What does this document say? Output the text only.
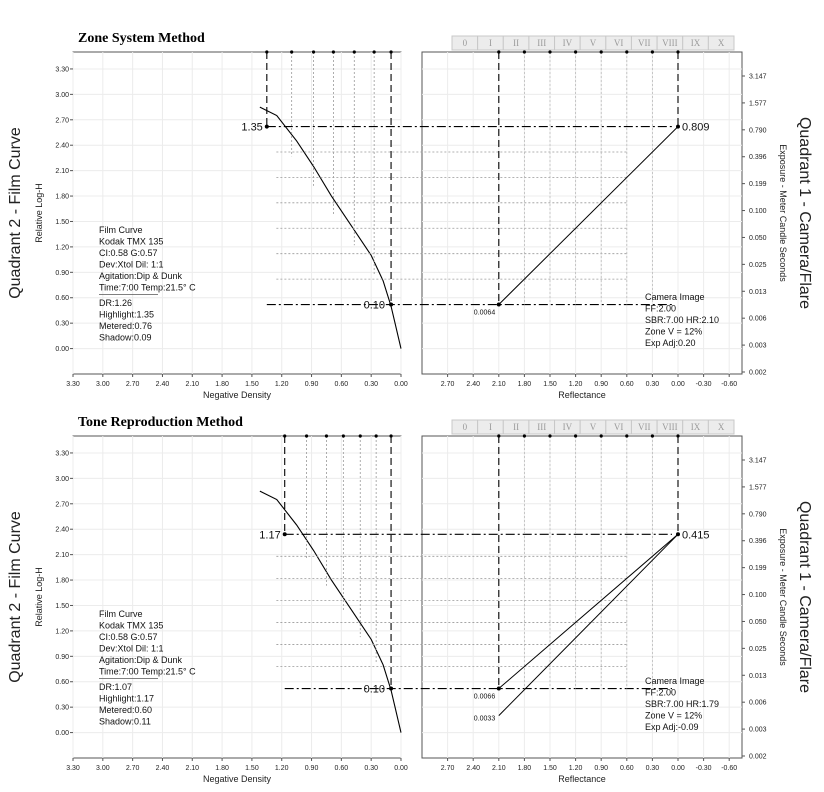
Zone System Method
3.30 3.00 2.70 2.40 2.10 1.80 1.50 1.20 0.90 0.60 0.30 0.00
3.30
3.00
2.70
2.40
2.10
1.80
1.50
1.20
0.90
0.60
0.30
0.00
Negative Density
Relative Log-H
Quadrant 2 - Film Curve
2.70 2.40 2.10 1.80 1.50 1.20 0.90 0.60 0.30 0.00 -0.30 -0.60
Reflectance
3.147
1.577
0.790
0.396
0.199
0.100
0.050
0.025
0.013
0.006
0.003
0.002
Exposure - Meter Candle Seconds Quadrant 1 - Camera/Flare
0 I II III IV V VI VII VIII IX X
1.35
0.10
0.809
0.0064
Film Curve
Kodak TMX 135
CI:0.58 G:0.57
Dev:Xtol Dil: 1:1
Agitation:Dip & Dunk
Time:7:00 Temp:21.5° C
DR:1.26
Highlight:1.35
Metered:0.76
Shadow:0.09
Camera Image
FF:2.00
SBR:7.00 HR:2.10
Zone V = 12%
Exp Adj:0.20
Tone Reproduction Method
3.30 3.00 2.70 2.40 2.10 1.80 1.50 1.20 0.90 0.60 0.30 0.00
3.30
3.00
2.70
2.40
2.10
1.80
1.50
1.20
0.90
0.60
0.30
0.00
Negative Density
Relative Log-H
Quadrant 2 - Film Curve
2.70 2.40 2.10 1.80 1.50 1.20 0.90 0.60 0.30 0.00 -0.30 -0.60
Reflectance
3.147
1.577
0.790
0.396
0.199
0.100
0.050
0.025
0.013
0.006
0.003
0.002
Exposure - Meter Candle Seconds Quadrant 1 - Camera/Flare
0 I II III IV V VI VII VIII IX X
1.17
0.10
0.415
0.0066
0.0033
Film Curve
Kodak TMX 135
CI:0.58 G:0.57
Dev:Xtol Dil: 1:1
Agitation:Dip & Dunk
Time:7:00 Temp:21.5° C
DR:1.07
Highlight:1.17
Metered:0.60
Shadow:0.11
Camera Image
FF:2.00
SBR:7.00 HR:1.79
Zone V = 12%
Exp Adj:-0.09
